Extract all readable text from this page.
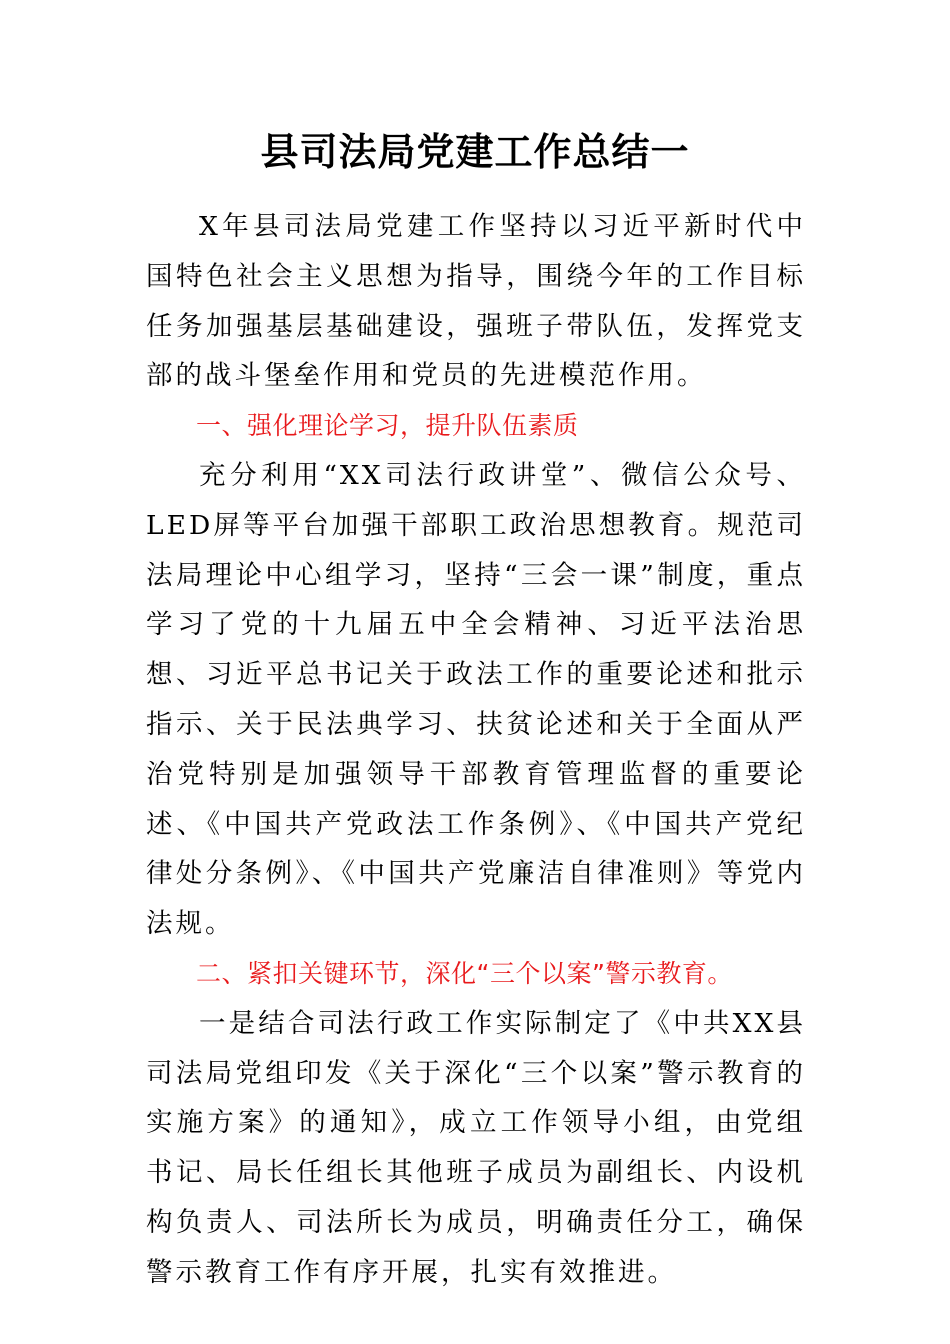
县司法局党建工作总结一

X年县司法局党建工作坚持以习近平新时代中国特色社会主义思想为指导，围绕今年的工作目标任务加强基层基础建设，强班子带队伍，发挥党支部的战斗堡垒作用和党员的先进模范作用。

一、强化理论学习，提升队伍素质

充分利用“XX司法行政讲堂”、微信公众号、LED屏等平台加强干部职工政治思想教育。规范司法局理论中心组学习，坚持“三会一课”制度，重点学习了党的十九届五中全会精神、习近平法治思想、习近平总书记关于政法工作的重要论述和批示指示、关于民法典学习、扶贫论述和关于全面从严治党特别是加强领导干部教育管理监督的重要论述、《中国共产党政法工作条例》、《中国共产党纪律处分条例》、《中国共产党廉洁自律准则》等党内法规。

二、紧扣关键环节，深化“三个以案”警示教育。

一是结合司法行政工作实际制定了《中共XX县司法局党组印发《关于深化“三个以案”警示教育的实施方案》的通知》，成立工作领导小组，由党组书记、局长任组长其他班子成员为副组长、内设机构负责人、司法所长为成员，明确责任分工，确保警示教育工作有序开展，扎实有效推进。
